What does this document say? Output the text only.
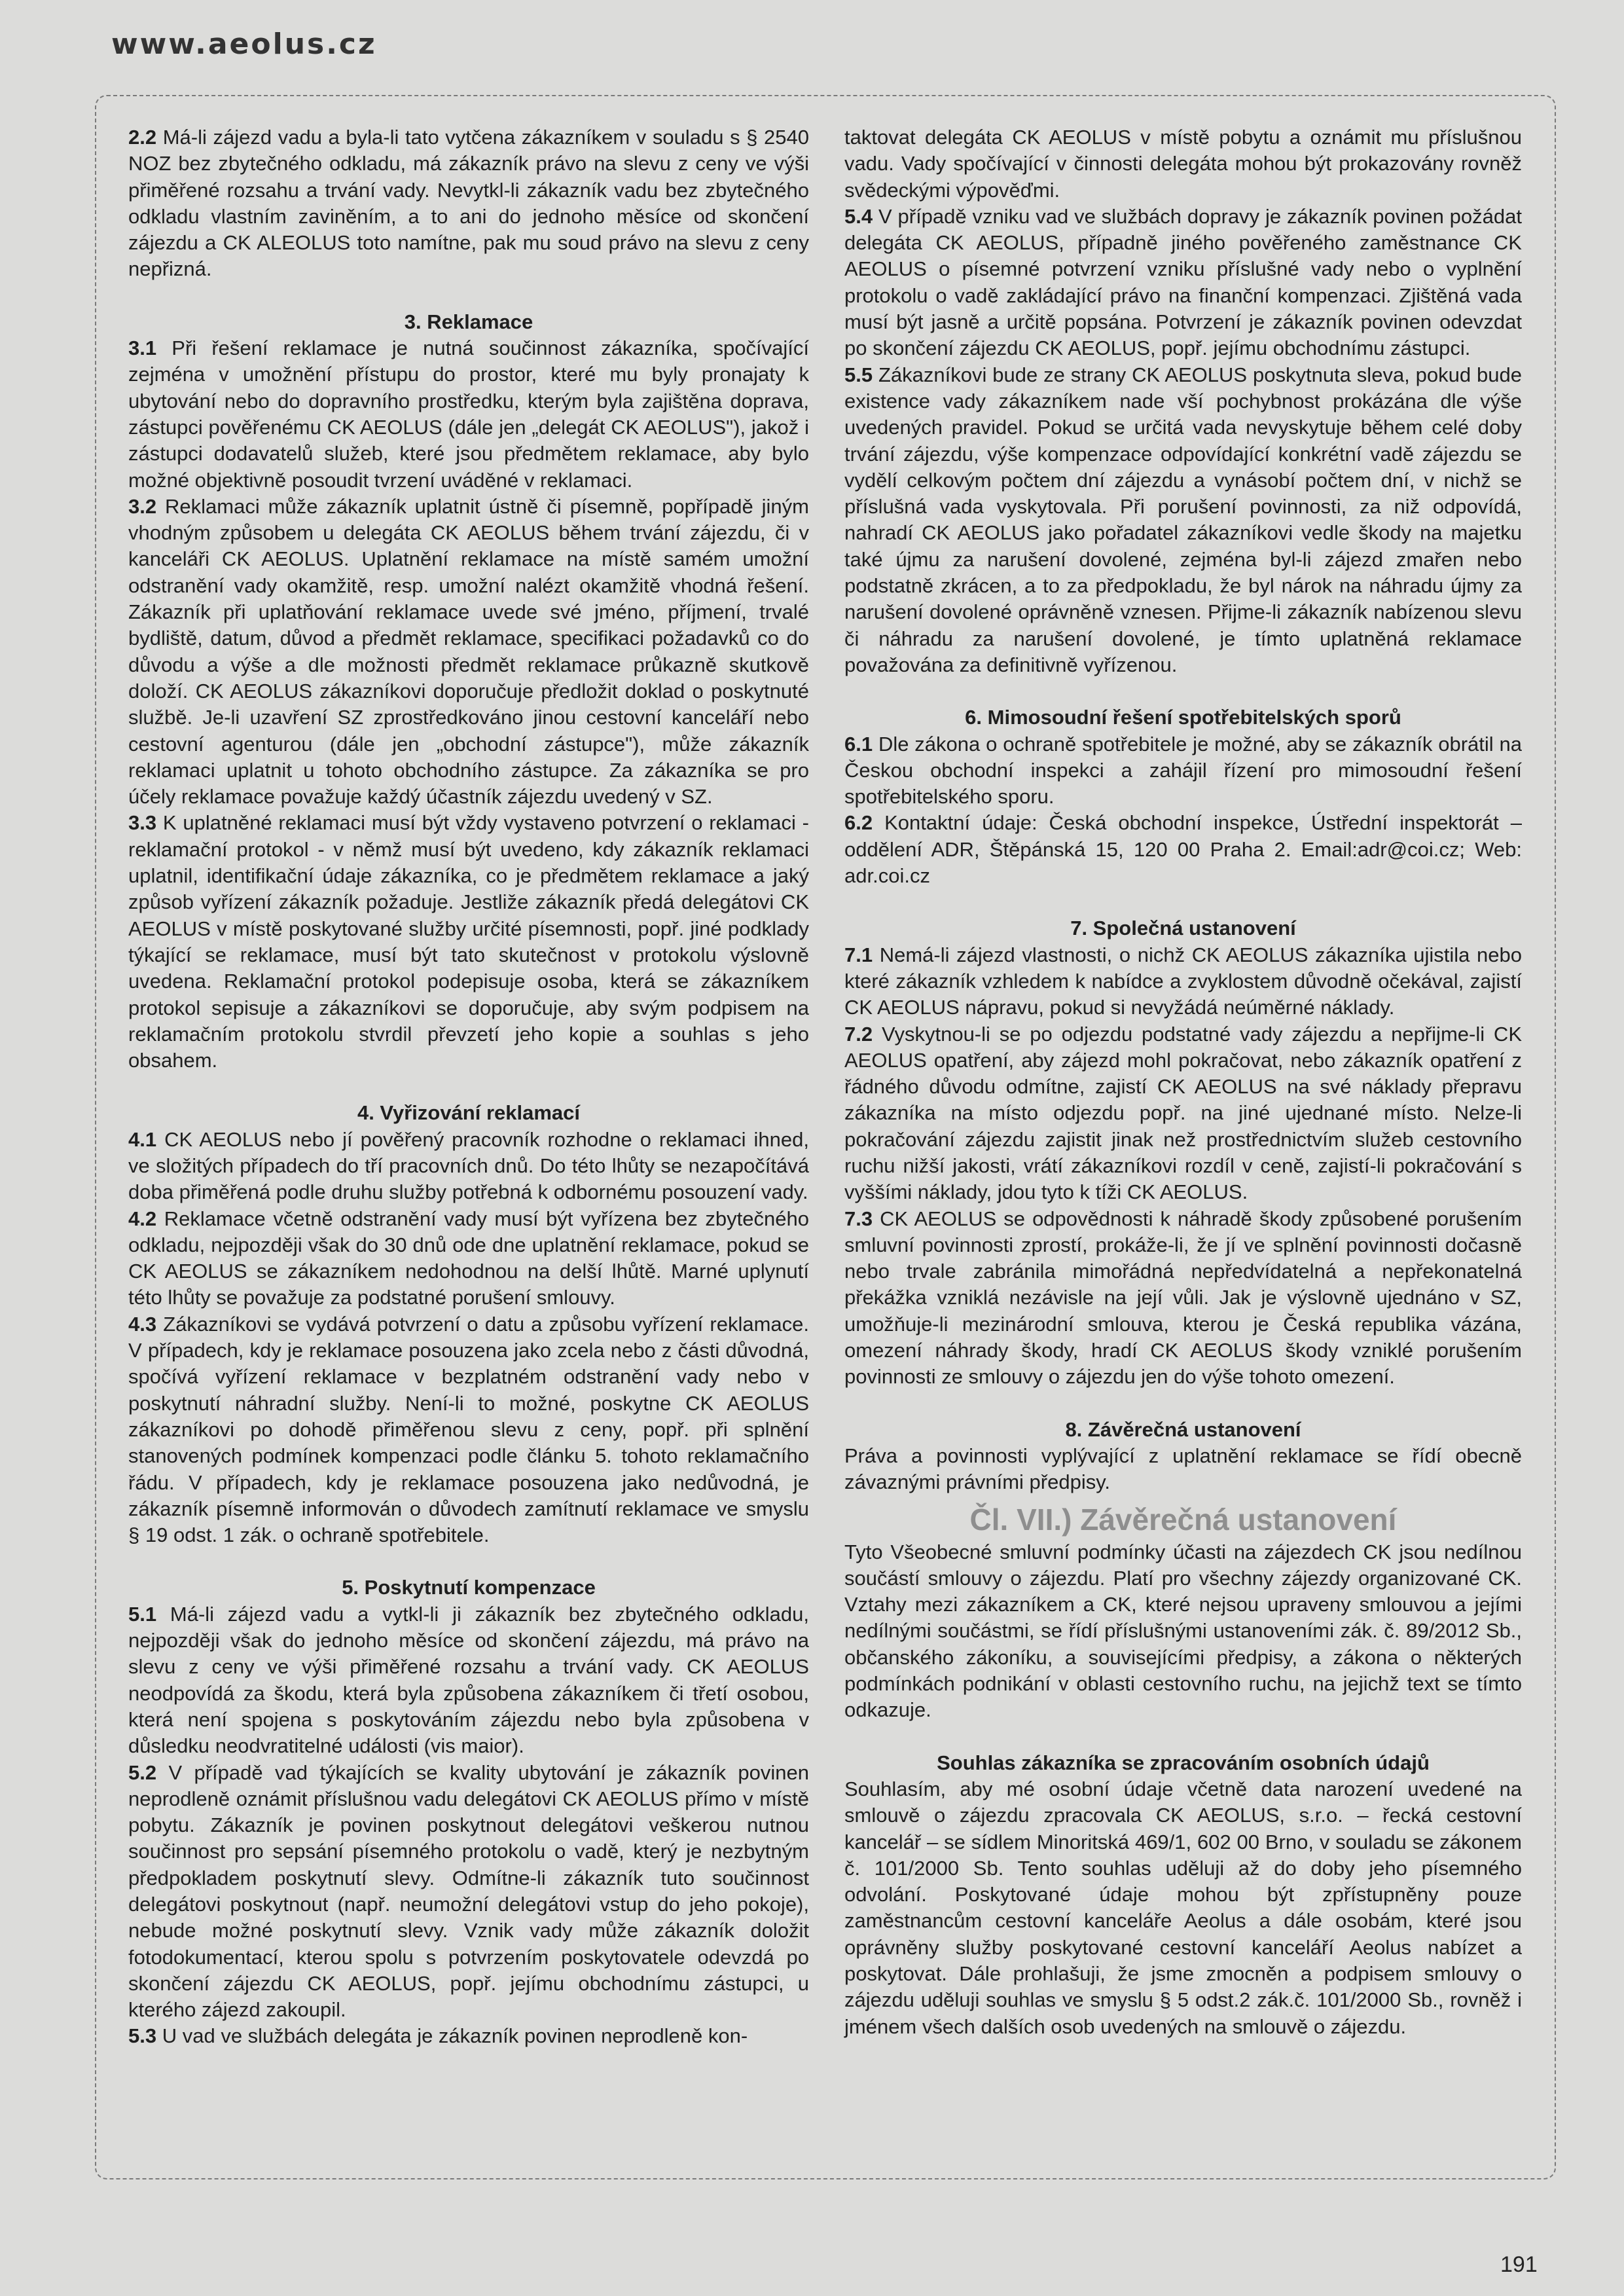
www.aeolus.cz

2.2 Má-li zájezd vadu a byla-li tato vytčena zákazníkem v souladu s § 2540 NOZ bez zbytečného odkladu, má zákazník právo na slevu z ceny ve výši přiměřené rozsahu a trvání vady. Nevytkl-li zákazník vadu bez zbytečného odkladu vlastním zaviněním, a to ani do jednoho měsíce od skončení zájezdu a CK ALEOLUS toto namítne, pak mu soud právo na slevu z ceny nepřizná.

3. Reklamace

3.1 Při řešení reklamace je nutná součinnost zákazníka, spočívající zejména v umožnění přístupu do prostor, které mu byly pronajaty k ubytování nebo do dopravního prostředku, kterým byla zajištěna doprava, zástupci pověřenému CK AEOLUS (dále jen „delegát CK AEOLUS"), jakož i zástupci dodavatelů služeb, které jsou předmětem reklamace, aby bylo možné objektivně posoudit tvrzení uváděné v reklamaci.

3.2 Reklamaci může zákazník uplatnit ústně či písemně, popřípadě jiným vhodným způsobem u delegáta CK AEOLUS během trvání zájezdu, či v kanceláři CK AEOLUS. Uplatnění reklamace na místě samém umožní odstranění vady okamžitě, resp. umožní nalézt okamžitě vhodná řešení. Zákazník při uplatňování reklamace uvede své jméno, příjmení, trvalé bydliště, datum, důvod a předmět reklamace, specifikaci požadavků co do důvodu a výše a dle možnosti předmět reklamace průkazně skutkově doloží. CK AEOLUS zákazníkovi doporučuje předložit doklad o poskytnuté službě. Je-li uzavření SZ zprostředkováno jinou cestovní kanceláří nebo cestovní agenturou (dále jen „obchodní zástupce"), může zákazník reklamaci uplatnit u tohoto obchodního zástupce. Za zákazníka se pro účely reklamace považuje každý účastník zájezdu uvedený v SZ.

3.3 K uplatněné reklamaci musí být vždy vystaveno potvrzení o reklamaci - reklamační protokol - v němž musí být uvedeno, kdy zákazník reklamaci uplatnil, identifikační údaje zákazníka, co je předmětem reklamace a jaký způsob vyřízení zákazník požaduje. Jestliže zákazník předá delegátovi CK AEOLUS v místě poskytované služby určité písemnosti, popř. jiné podklady týkající se reklamace, musí být tato skutečnost v protokolu výslovně uvedena. Reklamační protokol podepisuje osoba, která se zákazníkem protokol sepisuje a zákazníkovi se doporučuje, aby svým podpisem na reklamačním protokolu stvrdil převzetí jeho kopie a souhlas s jeho obsahem.

4. Vyřizování reklamací

4.1 CK AEOLUS nebo jí pověřený pracovník rozhodne o reklamaci ihned, ve složitých případech do tří pracovních dnů. Do této lhůty se nezapočítává doba přiměřená podle druhu služby potřebná k odbornému posouzení vady.

4.2 Reklamace včetně odstranění vady musí být vyřízena bez zbytečného odkladu, nejpozději však do 30 dnů ode dne uplatnění reklamace, pokud se CK AEOLUS se zákazníkem nedohodnou na delší lhůtě. Marné uplynutí této lhůty se považuje za podstatné porušení smlouvy.

4.3 Zákazníkovi se vydává potvrzení o datu a způsobu vyřízení reklamace. V případech, kdy je reklamace posouzena jako zcela nebo z části důvodná, spočívá vyřízení reklamace v bezplatném odstranění vady nebo v poskytnutí náhradní služby. Není-li to možné, poskytne CK AEOLUS zákazníkovi po dohodě přiměřenou slevu z ceny, popř. při splnění stanovených podmínek kompenzaci podle článku 5. tohoto reklamačního řádu. V případech, kdy je reklamace posouzena jako nedůvodná, je zákazník písemně informován o důvodech zamítnutí reklamace ve smyslu § 19 odst. 1 zák. o ochraně spotřebitele.

5. Poskytnutí kompenzace

5.1 Má-li zájezd vadu a vytkl-li ji zákazník bez zbytečného odkladu, nejpozději však do jednoho měsíce od skončení zájezdu, má právo na slevu z ceny ve výši přiměřené rozsahu a trvání vady. CK AEOLUS neodpovídá za škodu, která byla způsobena zákazníkem či třetí osobou, která není spojena s poskytováním zájezdu nebo byla způsobena v důsledku neodvratitelné události (vis maior).

5.2 V případě vad týkajících se kvality ubytování je zákazník povinen neprodleně oznámit příslušnou vadu delegátovi CK AEOLUS přímo v místě pobytu. Zákazník je povinen poskytnout delegátovi veškerou nutnou součinnost pro sepsání písemného protokolu o vadě, který je nezbytným předpokladem poskytnutí slevy. Odmítne-li zákazník tuto součinnost delegátovi poskytnout (např. neumožní delegátovi vstup do jeho pokoje), nebude možné poskytnutí slevy. Vznik vady může zákazník doložit fotodokumentací, kterou spolu s potvrzením poskytovatele odevzdá po skončení zájezdu CK AEOLUS, popř. jejímu obchodnímu zástupci, u kterého zájezd zakoupil.

5.3 U vad ve službách delegáta je zákazník povinen neprodleně kon-

taktovat delegáta CK AEOLUS v místě pobytu a oznámit mu příslušnou vadu. Vady spočívající v činnosti delegáta mohou být prokazovány rovněž svědeckými výpověďmi.

5.4 V případě vzniku vad ve službách dopravy je zákazník povinen požádat delegáta CK AEOLUS, případně jiného pověřeného zaměstnance CK AEOLUS o písemné potvrzení vzniku příslušné vady nebo o vyplnění protokolu o vadě zakládající právo na finanční kompenzaci. Zjištěná vada musí být jasně a určitě popsána. Potvrzení je zákazník povinen odevzdat po skončení zájezdu CK AEOLUS, popř. jejímu obchodnímu zástupci.

5.5 Zákazníkovi bude ze strany CK AEOLUS poskytnuta sleva, pokud bude existence vady zákazníkem nade vší pochybnost prokázána dle výše uvedených pravidel. Pokud se určitá vada nevyskytuje během celé doby trvání zájezdu, výše kompenzace odpovídající konkrétní vadě zájezdu se vydělí celkovým počtem dní zájezdu a vynásobí počtem dní, v nichž se příslušná vada vyskytovala. Při porušení povinnosti, za niž odpovídá, nahradí CK AEOLUS jako pořadatel zákazníkovi vedle škody na majetku také újmu za narušení dovolené, zejména byl-li zájezd zmařen nebo podstatně zkrácen, a to za předpokladu, že byl nárok na náhradu újmy za narušení dovolené oprávněně vznesen. Přijme-li zákazník nabízenou slevu či náhradu za narušení dovolené, je tímto uplatněná reklamace považována za definitivně vyřízenou.

6. Mimosoudní řešení spotřebitelských sporů

6.1 Dle zákona o ochraně spotřebitele je možné, aby se zákazník obrátil na Českou obchodní inspekci a zahájil řízení pro mimosoudní řešení spotřebitelského sporu.

6.2 Kontaktní údaje: Česká obchodní inspekce, Ústřední inspektorát – oddělení ADR, Štěpánská 15, 120 00 Praha 2. Email:adr@coi.cz; Web: adr.coi.cz

7. Společná ustanovení

7.1 Nemá-li zájezd vlastnosti, o nichž CK AEOLUS zákazníka ujistila nebo které zákazník vzhledem k nabídce a zvyklostem důvodně očekával, zajistí CK AEOLUS nápravu, pokud si nevyžádá neúměrné náklady.

7.2 Vyskytnou-li se po odjezdu podstatné vady zájezdu a nepřijme-li CK AEOLUS opatření, aby zájezd mohl pokračovat, nebo zákazník opatření z řádného důvodu odmítne, zajistí CK AEOLUS na své náklady přepravu zákazníka na místo odjezdu popř. na jiné ujednané místo. Nelze-li pokračování zájezdu zajistit jinak než prostřednictvím služeb cestovního ruchu nižší jakosti, vrátí zákazníkovi rozdíl v ceně, zajistí-li pokračování s vyššími náklady, jdou tyto k tíži CK AEOLUS.

7.3 CK AEOLUS se odpovědnosti k náhradě škody způsobené porušením smluvní povinnosti zprostí, prokáže-li, že jí ve splnění povinnosti dočasně nebo trvale zabránila mimořádná nepředvídatelná a nepřekonatelná překážka vzniklá nezávisle na její vůli. Jak je výslovně ujednáno v SZ, umožňuje-li mezinárodní smlouva, kterou je Česká republika vázána, omezení náhrady škody, hradí CK AEOLUS škody vzniklé porušením povinnosti ze smlouvy o zájezdu jen do výše tohoto omezení.

8. Závěrečná ustanovení

Práva a povinnosti vyplývající z uplatnění reklamace se řídí obecně závaznými právními předpisy.

Čl. VII.) Závěrečná ustanovení

Tyto Všeobecné smluvní podmínky účasti na zájezdech CK jsou nedílnou součástí smlouvy o zájezdu. Platí pro všechny zájezdy organizované CK. Vztahy mezi zákazníkem a CK, které nejsou upraveny smlouvou a jejími nedílnými součástmi, se řídí příslušnými ustanoveními zák. č. 89/2012 Sb., občanského zákoníku, a souvisejícími předpisy, a zákona o některých podmínkách podnikání v oblasti cestovního ruchu, na jejichž text se tímto odkazuje.

Souhlas zákazníka se zpracováním osobních údajů

Souhlasím, aby mé osobní údaje včetně data narození uvedené na smlouvě o zájezdu zpracovala CK AEOLUS, s.r.o. – řecká cestovní kancelář – se sídlem Minoritská 469/1, 602 00 Brno, v souladu se zákonem č. 101/2000 Sb. Tento souhlas uděluji až do doby jeho písemného odvolání. Poskytované údaje mohou být zpřístupněny pouze zaměstnancům cestovní kanceláře Aeolus a dále osobám, které jsou oprávněny služby poskytované cestovní kanceláří Aeolus nabízet a poskytovat. Dále prohlašuji, že jsme zmocněn a podpisem smlouvy o zájezdu uděluji souhlas ve smyslu § 5 odst.2 zák.č. 101/2000 Sb., rovněž i jménem všech dalších osob uvedených na smlouvě o zájezdu.

191
